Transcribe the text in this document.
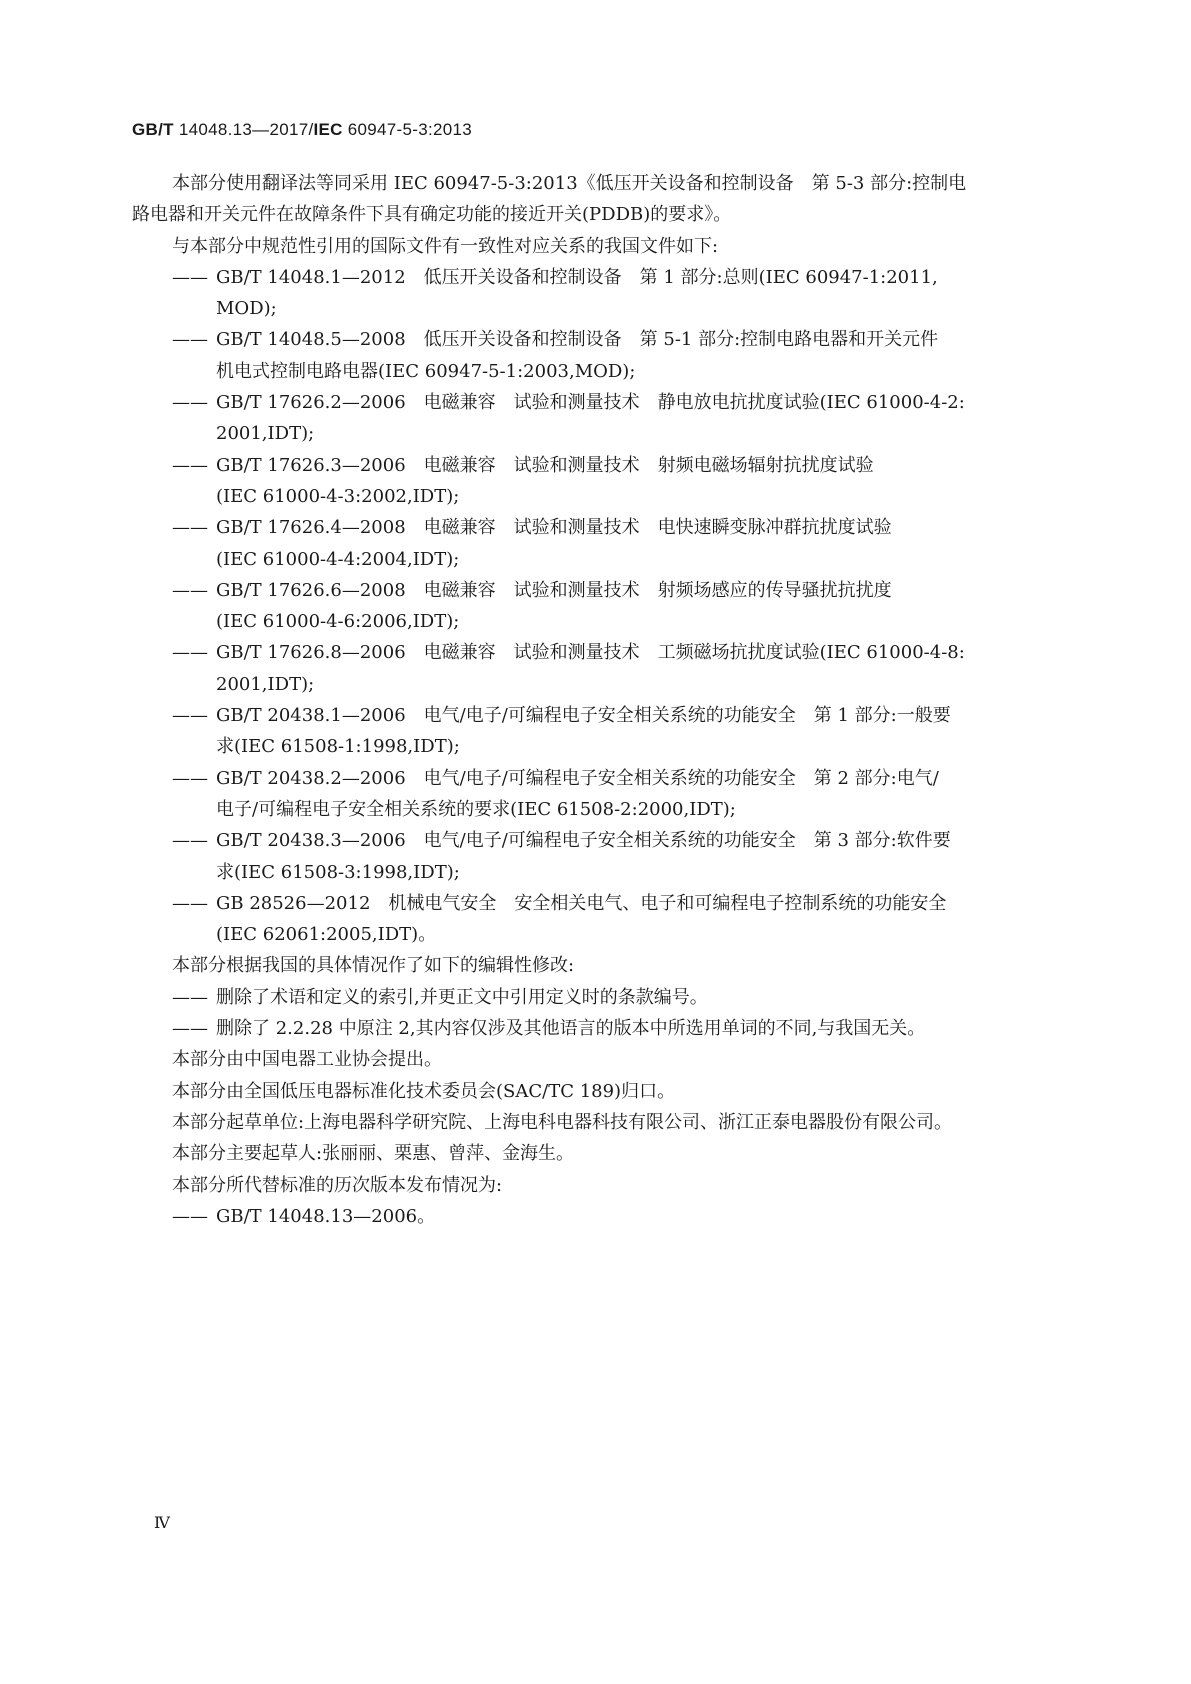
GB/T 14048.13—2017/IEC 60947-5-3:2013

本部分使用翻译法等同采用 IEC 60947-5-3:2013《低压开关设备和控制设备　第 5-3 部分:控制电
路电器和开关元件在故障条件下具有确定功能的接近开关(PDDB)的要求》。

与本部分中规范性引用的国际文件有一致性对应关系的我国文件如下:

—— GB/T 14048.1—2012　低压开关设备和控制设备　第 1 部分:总则(IEC 60947-1:2011,
MOD);

—— GB/T 14048.5—2008　低压开关设备和控制设备　第 5-1 部分:控制电路电器和开关元件
机电式控制电路电器(IEC 60947-5-1:2003,MOD);

—— GB/T 17626.2—2006　电磁兼容　试验和测量技术　静电放电抗扰度试验(IEC 61000-4-2:
2001,IDT);

—— GB/T 17626.3—2006　电磁兼容　试验和测量技术　射频电磁场辐射抗扰度试验
(IEC 61000-4-3:2002,IDT);

—— GB/T 17626.4—2008　电磁兼容　试验和测量技术　电快速瞬变脉冲群抗扰度试验
(IEC 61000-4-4:2004,IDT);

—— GB/T 17626.6—2008　电磁兼容　试验和测量技术　射频场感应的传导骚扰抗扰度
(IEC 61000-4-6:2006,IDT);

—— GB/T 17626.8—2006　电磁兼容　试验和测量技术　工频磁场抗扰度试验(IEC 61000-4-8:
2001,IDT);

—— GB/T 20438.1—2006　电气/电子/可编程电子安全相关系统的功能安全　第 1 部分:一般要
求(IEC 61508-1:1998,IDT);

—— GB/T 20438.2—2006　电气/电子/可编程电子安全相关系统的功能安全　第 2 部分:电气/
电子/可编程电子安全相关系统的要求(IEC 61508-2:2000,IDT);

—— GB/T 20438.3—2006　电气/电子/可编程电子安全相关系统的功能安全　第 3 部分:软件要
求(IEC 61508-3:1998,IDT);

—— GB 28526—2012　机械电气安全　安全相关电气、电子和可编程电子控制系统的功能安全
(IEC 62061:2005,IDT)。

本部分根据我国的具体情况作了如下的编辑性修改:

—— 删除了术语和定义的索引,并更正文中引用定义时的条款编号。

—— 删除了 2.2.28 中原注 2,其内容仅涉及其他语言的版本中所选用单词的不同,与我国无关。

本部分由中国电器工业协会提出。

本部分由全国低压电器标准化技术委员会(SAC/TC 189)归口。

本部分起草单位:上海电器科学研究院、上海电科电器科技有限公司、浙江正泰电器股份有限公司。

本部分主要起草人:张丽丽、栗惠、曾萍、金海生。

本部分所代替标准的历次版本发布情况为:

—— GB/T 14048.13—2006。

Ⅳ
